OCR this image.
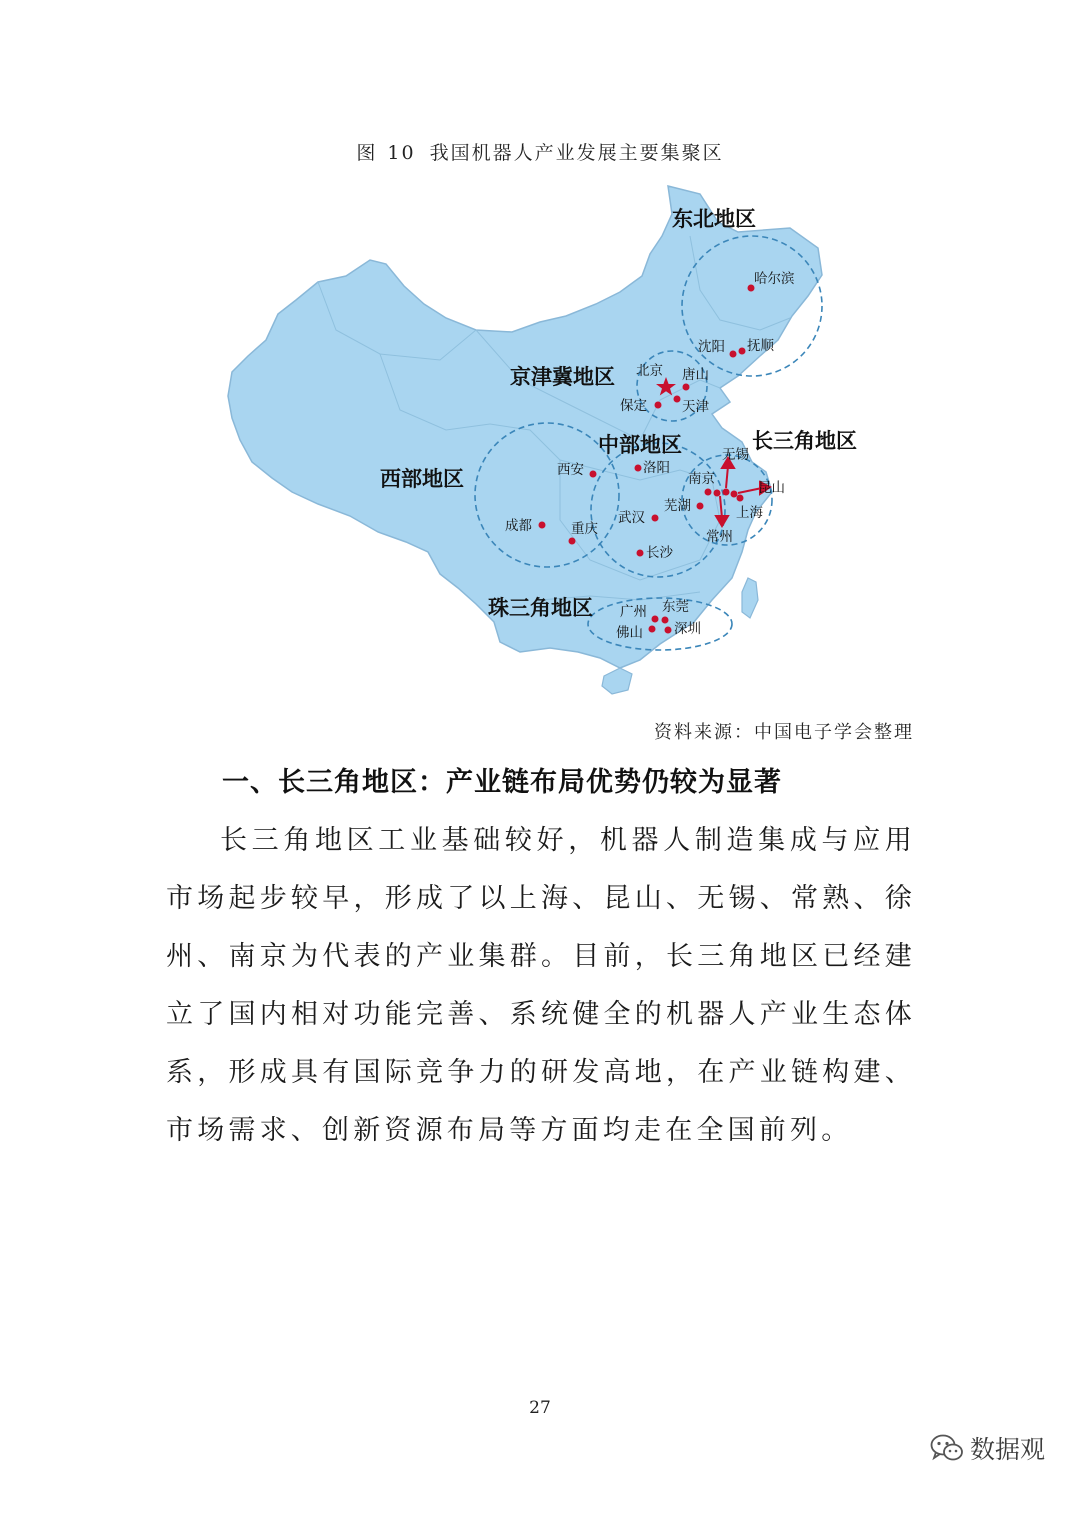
图 10 我国机器人产业发展主要集聚区
东北地区
京津冀地区
中部地区	长三角地区
西部地区
珠三角地区
哈尔滨
沈阳 抚顺
北京 唐山
保定	天津
西安	洛阳
成都	重庆
武汉
芜湖
长沙
南京
无锡
昆山
上海
常州
广州 东莞
佛山 深圳
资料来源：中国电子学会整理
一、长三角地区：产业链布局优势仍较为显著

长三角地区工业基础较好，机器人制造集成与应用市场起步较早，形成了以上海、昆山、无锡、常熟、徐州、南京为代表的产业集群。目前，长三角地区已经建立了国内相对功能完善、系统健全的机器人产业生态体系，形成具有国际竞争力的研发高地，在产业链构建、市场需求、创新资源布局等方面均走在全国前列。

27
数据观
